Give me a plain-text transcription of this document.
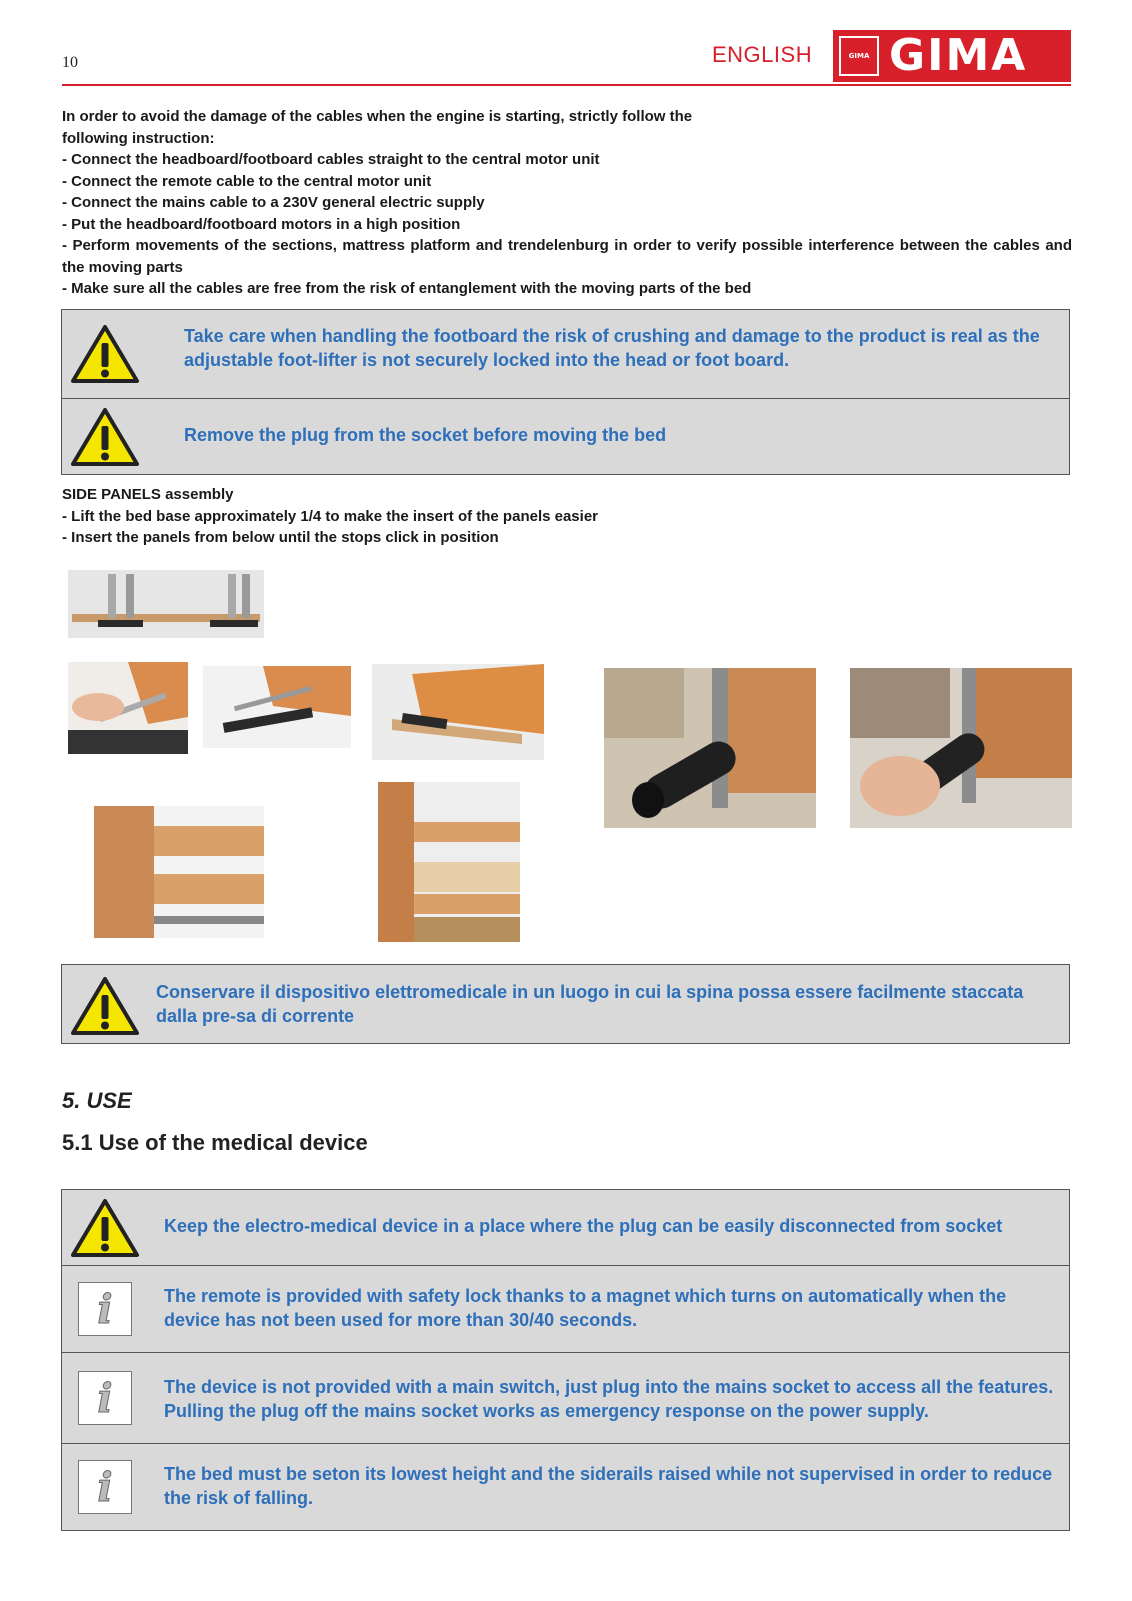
10	ENGLISH	GIMA GIMA

In order to avoid the damage of the cables when the engine is starting, strictly follow the following instruction:

- Connect the headboard/footboard cables straight to the central motor unit

- Connect the remote cable to the central motor unit

- Connect the mains cable to a 230V general electric supply

- Put the headboard/footboard motors in a high position

- Perform movements of the sections, mattress platform and trendelenburg in order to verify possible interference between the cables and the moving parts

- Make sure all the cables are free from the risk of entanglement with the moving parts of the bed

Take care when handling the footboard the risk of crushing and damage to the product is real as the adjustable foot-lifter is not securely locked into the head or foot board.
Remove the plug from the socket before moving the bed

SIDE PANELS assembly

- Lift the bed base approximately 1/4 to make the insert of the panels easier

- Insert the panels from below until the stops click in position

Conservare il dispositivo elettromedicale in un luogo in cui la spina possa essere facilmente staccata dalla pre-sa di corrente
5. USE
5.1 Use of the medical device
Keep the electro-medical device in a place where the plug can be easily disconnected from socket
i	The remote is provided with safety lock thanks to a magnet which turns on automatically when the device has not been used for more than 30/40 seconds.
i	The device is not provided with a main switch, just plug into the mains socket to access all the features. Pulling the plug off the mains socket works as emergency response on the power supply.
i	The bed must be seton its lowest height and the siderails raised while not supervised in order to reduce the risk of falling.
